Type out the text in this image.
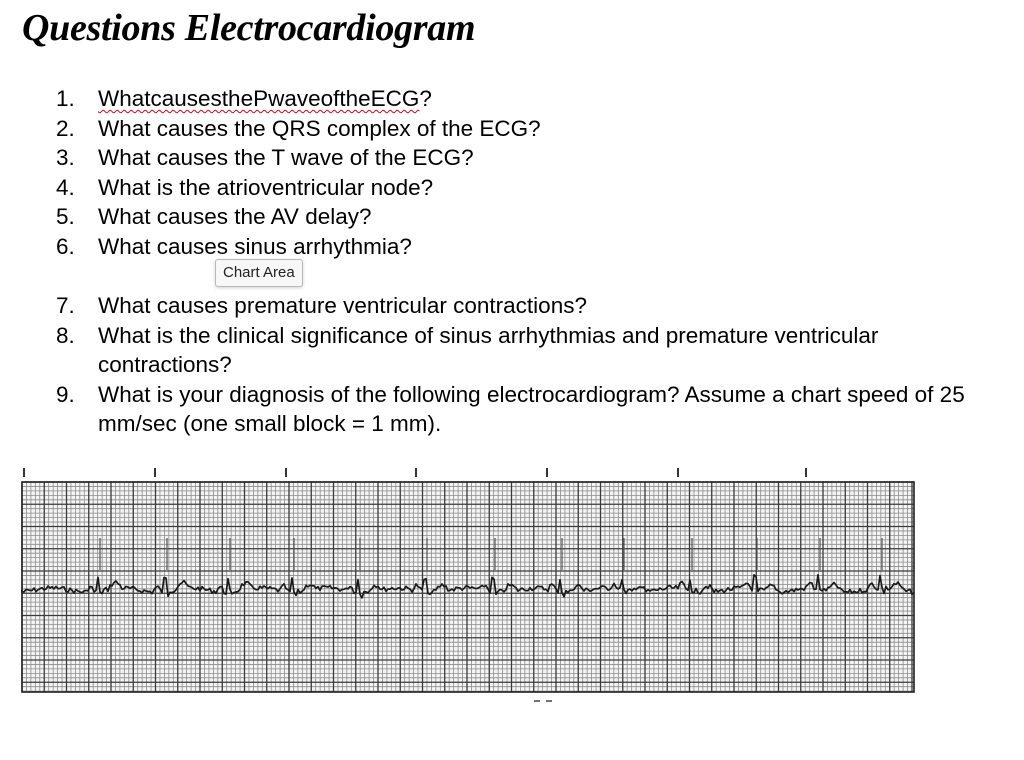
Questions Electrocardiogram
1.	WhatcausesthePwaveoftheECG?
2.	What causes the QRS complex of the ECG?
3.	What causes the T wave of the ECG?
4.	What is the atrioventricular node?
5.	What causes the AV delay?
6.	What causes sinus arrhythmia?
7.	What causes premature ventricular contractions?
8.	What is the clinical significance of sinus arrhythmias and premature ventricular contractions?
9.	What is your diagnosis of the following electrocardiogram? Assume a chart speed of 25 mm/sec (one small block = 1 mm).
Chart Area
